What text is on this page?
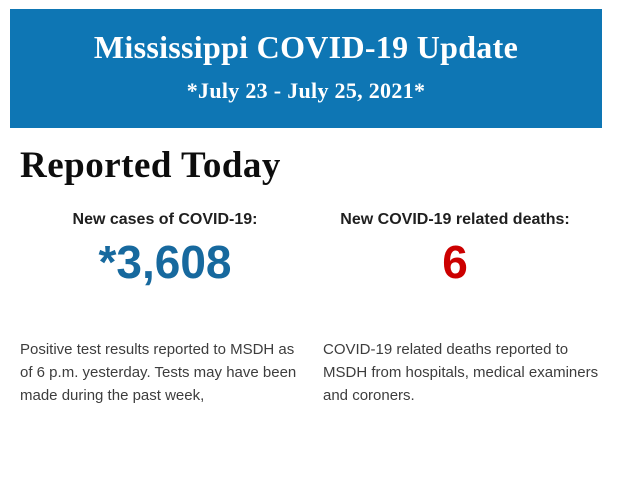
Mississippi COVID-19 Update
*July 23 - July 25, 2021*
Reported Today
New cases of COVID-19:
*3,608
New COVID-19 related deaths:
6
Positive test results reported to MSDH as of 6 p.m. yesterday. Tests may have been made during the past week,
COVID-19 related deaths reported to MSDH from hospitals, medical examiners and coroners.
